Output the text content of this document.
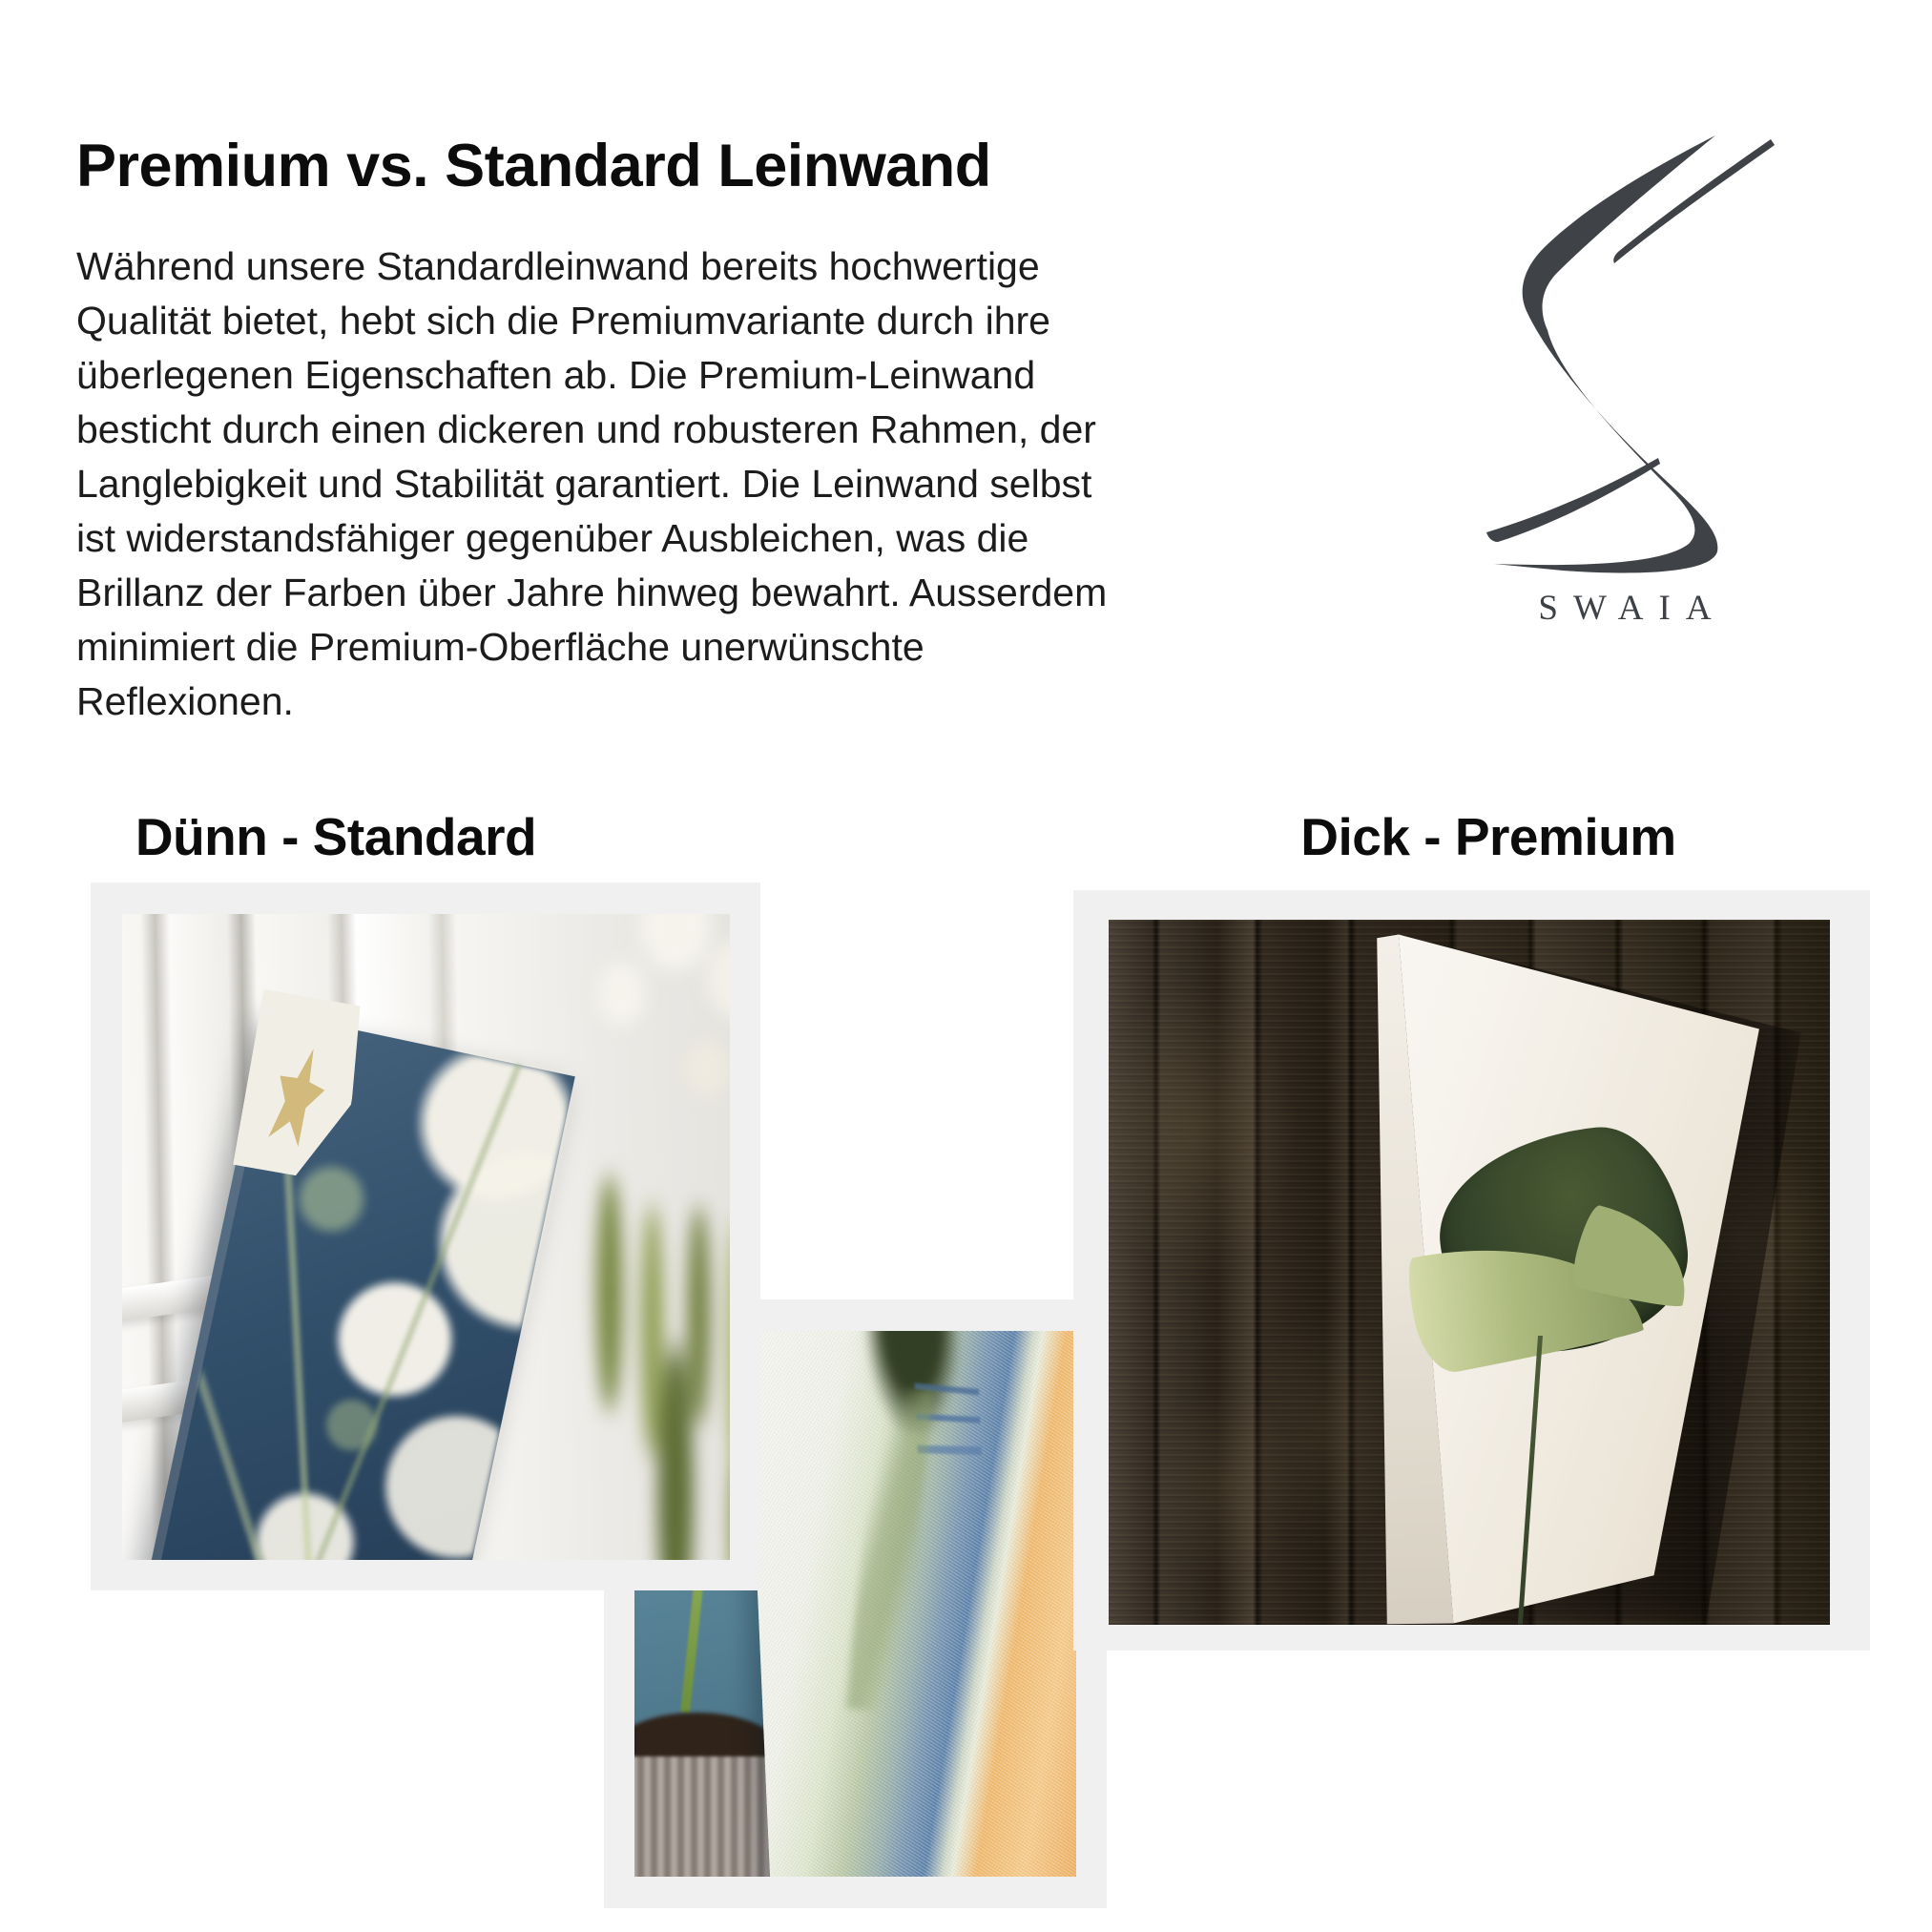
Premium vs. Standard Leinwand

Während unsere Standardleinwand bereits hochwertige Qualität bietet, hebt sich die Premiumvariante durch ihre überlegenen Eigenschaften ab. Die Premium-Leinwand besticht durch einen dickeren und robusteren Rahmen, der Langlebigkeit und Stabilität garantiert. Die Leinwand selbst ist widerstandsfähiger gegenüber Ausbleichen, was die Brillanz der Farben über Jahre hinweg bewahrt. Ausserdem minimiert die Premium-Oberfläche unerwünschte Reflexionen.

SWAIA
Dünn - Standard	Dick - Premium
